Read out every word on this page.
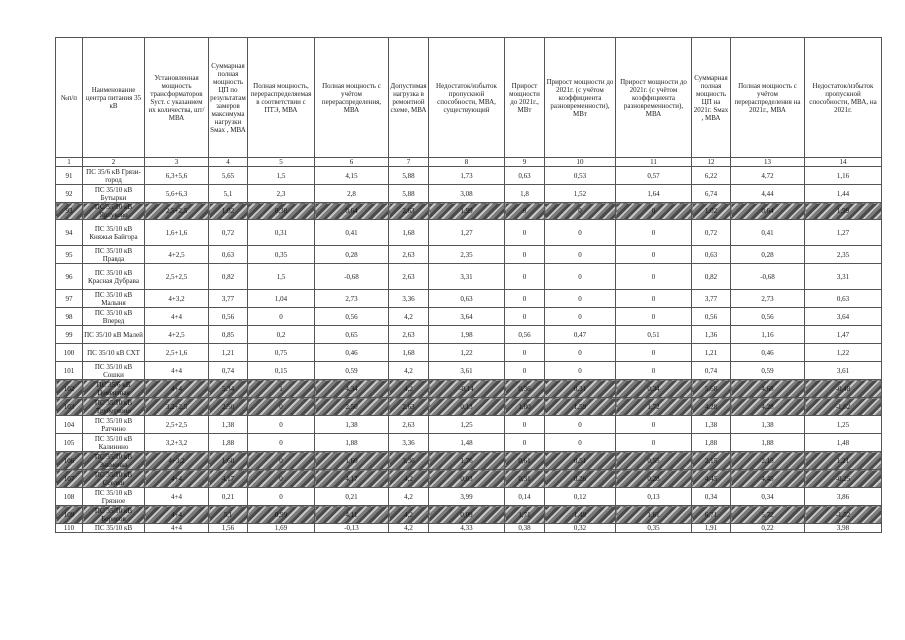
№п/п	Наименование центра питания 35 кВ	Установленная мощность трансформаторов Sуст. с указанием их количества, шт/ МВА	Суммарная полная мощность ЦП по результатам замеров максимума нагрузки Sмах , МВА	Полная мощность, перераспределяемая в соответствии с ПТЭ, МВА	Полная мощность с учётом перераспределения, МВА	Допустимая нагрузка в ремонтной схеме, МВА	Недостаток/избыток пропускной способности, МВА, существующий	Прирост мощности до 2021г., МВт	Прирост мощности до 2021г. (с учётом коэффициента разновременности), МВт	Прирост мощности до 2021г. (с учётом коэффициента разновременности), МВА	Суммарная полная мощность ЦП на 2021г. Sмах , МВА	Полная мощность с учётом перераспределения на 2021г., МВА	Недостаток/избыток пропускной способности, МВА, на 2021г.
1	2	3	4	5	6	7	8	9	10	11	12	13	14
91	ПС 35/6 кВ Грязи-город	6,3+5,6	5,65	1,5	4,15	5,88	1,73	0,63	0,53	0,57	6,22	4,72	1,16
92	ПС 35/10 кВ Бутырки	5,6+6,3	5,1	2,3	2,8	5,88	3,08	1,8	1,52	1,64	6,74	4,44	1,44
93	ПС 35/10 кВ Ярлуково	2,5+2,5	1,02	0,38	0,64	2,63	1,99	0	0	0	1,02	0,64	1,99
94	ПС 35/10 кВ Княжья Байгора	1,6+1,6	0,72	0,31	0,41	1,68	1,27	0	0	0	0,72	0,41	1,27
95	ПС 35/10 кВ Правда	4+2,5	0,63	0,35	0,28	2,63	2,35	0	0	0	0,63	0,28	2,35
96	ПС 35/10 кВ Красная Дубрава	2,5+2,5	0,82	1,5	-0,68	2,63	3,31	0	0	0	0,82	-0,68	3,31
97	ПС 35/10 кВ Малыня	4+3,2	3,77	1,04	2,73	3,36	0,63	0	0	0	3,77	2,73	0,63
98	ПС 35/10 кВ Вперед	4+4	0,56	0	0,56	4,2	3,64	0	0	0	0,56	0,56	3,64
99	ПС 35/10 кВ Малей	4+2,5	0,85	0,2	0,65	2,63	1,98	0,56	0,47	0,51	1,36	1,16	1,47
100	ПС 35/10 кВ СХТ	2,5+1,6	1,21	0,75	0,46	1,68	1,22	0	0	0	1,21	0,46	1,22
101	ПС 35/10 кВ Сошки	4+4	0,74	0,15	0,59	4,2	3,61	0	0	0	0,74	0,59	3,61
102	ПС 35/6 кВ Цементная	4+4	5,34	1	4,34	4,2	-0,14	0,36	0,31	0,34	5,68	4,68	-0,48
103	ПС 35/10 кВ Трубетчино	3,2+2,5	2,50	0	2,50	2,63	0,13	1,80	1,59	1,72	4,28	4,28	-1,62
104	ПС 35/10 кВ Ратчино	2,5+2,5	1,38	0	1,38	2,63	1,25	0	0	0	1,38	1,38	1,25
105	ПС 35/10 кВ Калинино	3,2+3,2	1,88	0	1,88	3,36	1,48	0	0	0	1,88	1,88	1,48
106	ПС 35/10 кВ Знаменка	4+3,2	1,60	0	1,60	3,36	1,76	0,61	0,51	0,55	2,15	2,15	1,21
107	ПС 35/10 кВ Сселки	4+4	4,17	0	4,17	4,2	0,03	0,31	0,26	0,28	4,45	4,45	-0,25
108	ПС 35/10 кВ Грязное	4+4	0,21	0	0,21	4,2	3,99	0,14	0,12	0,13	0,34	0,34	3,86
109	ПС 35/10 кВ Борисов	4+4	5,1	0,99	4,11	4,2	0,09	1,71	1,49	1,61	6,71	5,72	-1,52
110	ПС 35/10 кВ	4+4	1,56	1,69	-0,13	4,2	4,33	0,38	0,32	0,35	1,91	0,22	3,98
